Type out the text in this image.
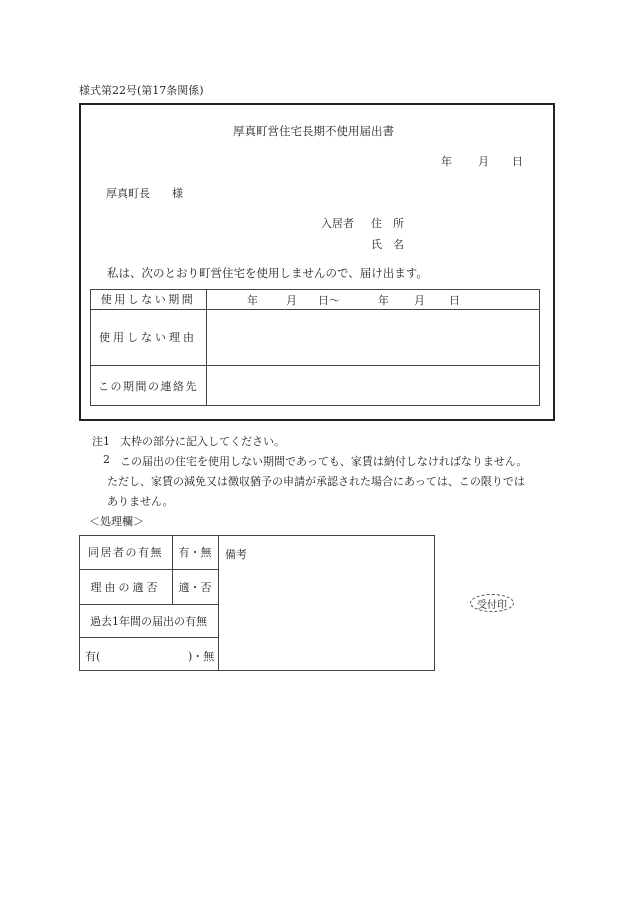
様式第22号(第17条関係)
厚真町営住宅長期不使用届出書
年 月 日
厚真町長　　様
入居者 住　所
氏　名
私は、次のとおり町営住宅を使用しませんので、届け出ます。
使用しない期間	年	月 日〜	年 月 日
使用しない理由
この期間の連絡先
注1 太枠の部分に記入してください。
2 この届出の住宅を使用しない期間であっても、家賃は納付しなければなりません。
ただし、家賃の減免又は徴収猶予の申請が承認された場合にあっては、この限りでは
ありません。
＜処理欄＞
同居者の有無	有・無
理由の適否	適・否
過去1年間の届出の有無
有(	)・無
備考
受付印
